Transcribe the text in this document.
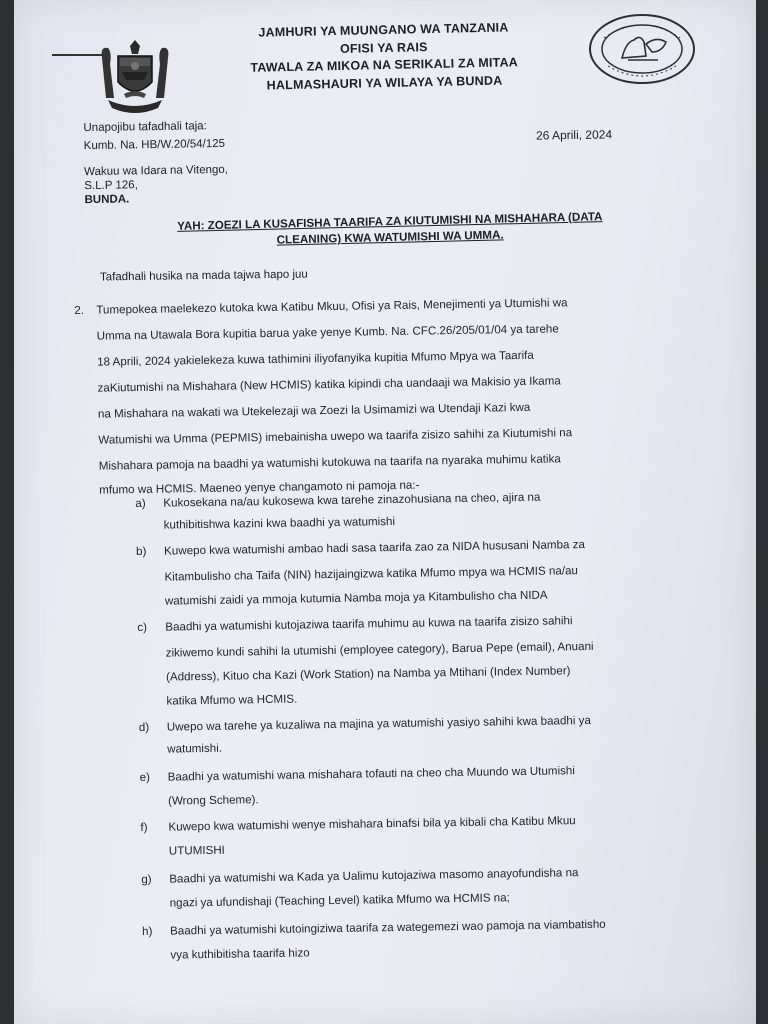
JAMHURI YA MUUNGANO WA TANZANIA
OFISI YA RAIS
TAWALA ZA MIKOA NA SERIKALI ZA MITAA
HALMASHAURI YA WILAYA YA BUNDA
Unapojibu tafadhali taja:
Kumb. Na. HB/W.20/54/125
Wakuu wa Idara na Vitengo,
S.L.P 126,
BUNDA.
26 Aprili, 2024
YAH: ZOEZI LA KUSAFISHA TAARIFA ZA KIUTUMISHI NA MISHAHARA (DATA
CLEANING) KWA WATUMISHI WA UMMA.
Tafadhali husika na mada tajwa hapo juu
2. Tumepokea maelekezo kutoka kwa Katibu Mkuu, Ofisi ya Rais, Menejimenti ya Utumishi wa
Umma na Utawala Bora kupitia barua yake yenye Kumb. Na. CFC.26/205/01/04 ya tarehe
18 Aprili, 2024 yakielekeza kuwa tathimini iliyofanyika kupitia Mfumo Mpya wa Taarifa
zaKiutumishi na Mishahara (New HCMIS) katika kipindi cha uandaaji wa Makisio ya Ikama
na Mishahara na wakati wa Utekelezaji wa Zoezi la Usimamizi wa Utendaji Kazi kwa
Watumishi wa Umma (PEPMIS) imebainisha uwepo wa taarifa zisizo sahihi za Kiutumishi na
Mishahara pamoja na baadhi ya watumishi kutokuwa na taarifa na nyaraka muhimu katika
mfumo wa HCMIS. Maeneo yenye changamoto ni pamoja na:-
a) Kukosekana na/au kukosewa kwa tarehe zinazohusiana na cheo, ajira na
kuthibitishwa kazini kwa baadhi ya watumishi
b) Kuwepo kwa watumishi ambao hadi sasa taarifa zao za NIDA hususani Namba za
Kitambulisho cha Taifa (NIN) hazijaingizwa katika Mfumo mpya wa HCMIS na/au
watumishi zaidi ya mmoja kutumia Namba moja ya Kitambulisho cha NIDA
c) Baadhi ya watumishi kutojaziwa taarifa muhimu au kuwa na taarifa zisizo sahihi
zikiwemo kundi sahihi la utumishi (employee category), Barua Pepe (email), Anuani
(Address), Kituo cha Kazi (Work Station) na Namba ya Mtihani (Index Number)
katika Mfumo wa HCMIS.
d) Uwepo wa tarehe ya kuzaliwa na majina ya watumishi yasiyo sahihi kwa baadhi ya
watumishi.
e) Baadhi ya watumishi wana mishahara tofauti na cheo cha Muundo wa Utumishi
(Wrong Scheme).
f) Kuwepo kwa watumishi wenye mishahara binafsi bila ya kibali cha Katibu Mkuu
UTUMISHI
g) Baadhi ya watumishi wa Kada ya Ualimu kutojaziwa masomo anayofundisha na
ngazi ya ufundishaji (Teaching Level) katika Mfumo wa HCMIS na;
h) Baadhi ya watumishi kutoingiziwa taarifa za wategemezi wao pamoja na viambatisho
vya kuthibitisha taarifa hizo
